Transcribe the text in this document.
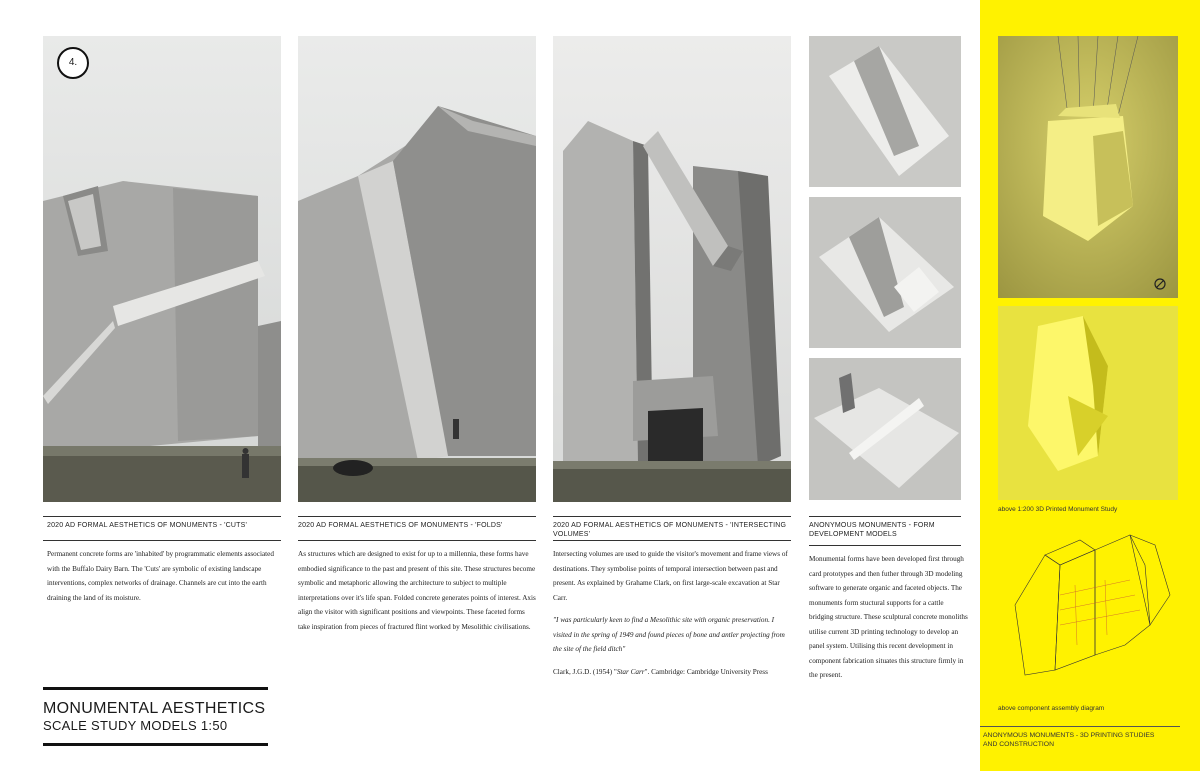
4.
2020 AD FORMAL AESTHETICS OF MONUMENTS - 'CUTS'	2020 AD FORMAL AESTHETICS OF MONUMENTS - 'FOLDS'	2020 AD FORMAL AESTHETICS OF MONUMENTS - 'INTERSECTING VOLUMES'
ANONYMOUS MONUMENTS - FORM DEVELOPMENT MODELS

Permanent concrete forms are 'inhabited' by programmatic elements associated with the Buffalo Dairy Barn. The 'Cuts' are symbolic of existing landscape interventions, complex networks of drainage. Channels are cut into the earth draining the land of its moisture.

As structures which are designed to exist for up to a millennia, these forms have embodied significance to the past and present of this site. These structures become symbolic and metaphoric allowing the architecture to subject to multiple interpretations over it's life span. Folded concrete generates points of interest. Axis align the visitor with significant positions and viewpoints. These faceted forms take inspiration from pieces of fractured flint worked by Mesolithic civilisations.

Intersecting volumes are used to guide the visitor's movement and frame views of destinations. They symbolise points of temporal intersection between past and present. As explained by Grahame Clark, on first large-scale excavation at Star Carr.

"I was particularly keen to find a Mesolithic site with organic preservation. I visited in the spring of 1949 and found pieces of bone and antler projecting from the site of the field ditch"

Clark, J.G.D. (1954) "Star Carr". Cambridge: Cambridge University Press

Monumental forms have been developed first through card prototypes and then futher through 3D modeling software to generate organic and faceted objects. The monuments form stuctural supports for a cattle bridging structure. These sculptural concrete monoliths utilise current 3D printing technology to develop an panel system. Utilising this recent development in component fabrication situates this structure firmly in the present.

MONUMENTAL AESTHETICS
SCALE STUDY MODELS 1:50
above 1:200 3D Printed Monument Study
above component assembly diagram
ANONYMOUS MONUMENTS - 3D PRINTING STUDIES AND CONSTRUCTION
